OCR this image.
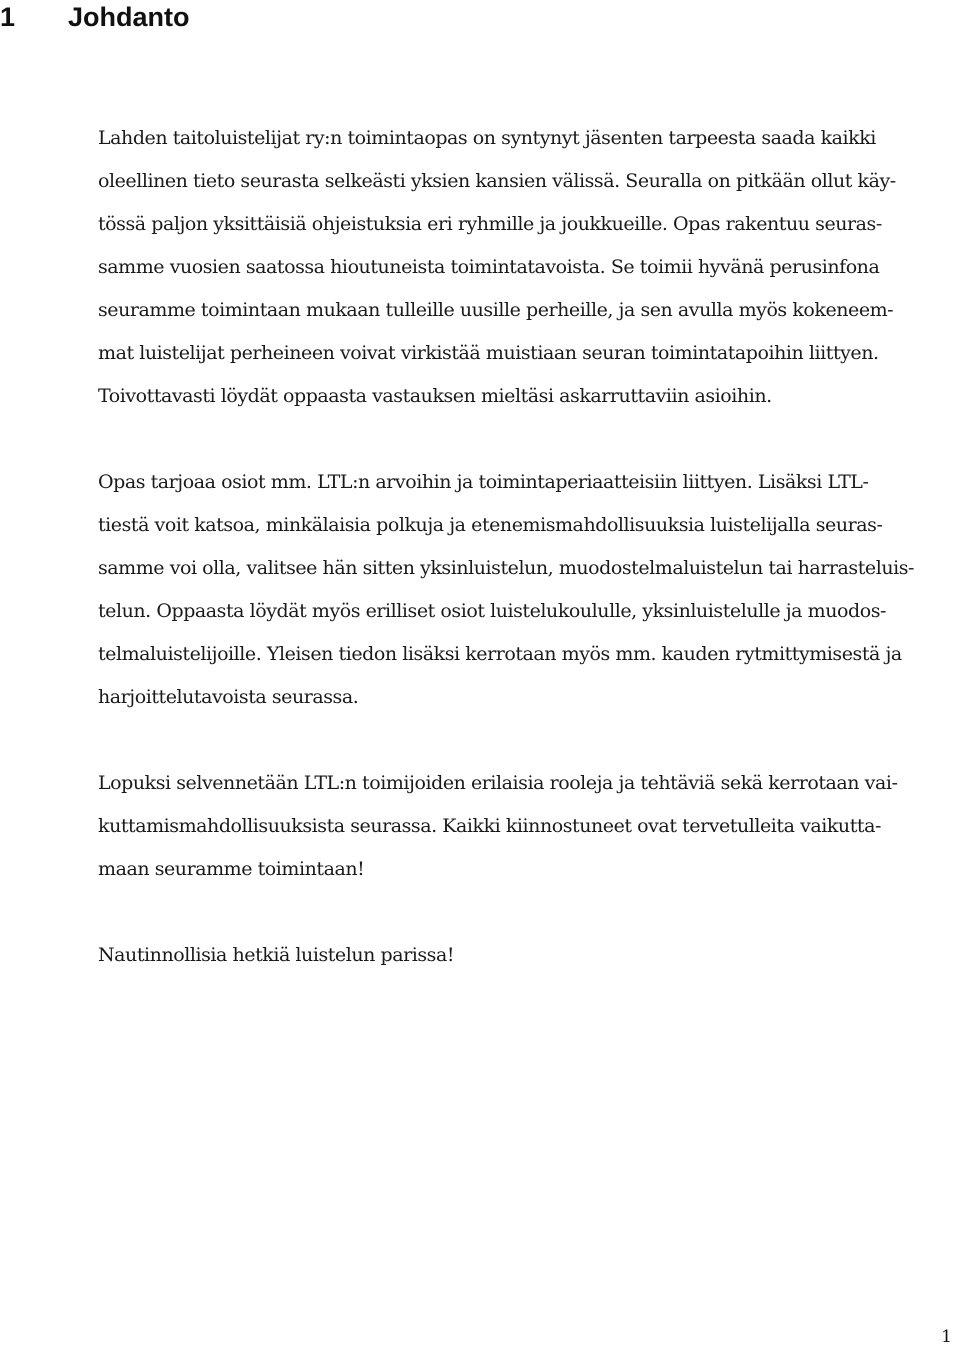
1 Johdanto
Lahden taitoluistelijat ry:n toimintaopas on syntynyt jäsenten tarpeesta saada kaikki
oleellinen tieto seurasta selkeästi yksien kansien välissä. Seuralla on pitkään ollut käy-
tössä paljon yksittäisiä ohjeistuksia eri ryhmille ja joukkueille. Opas rakentuu seuras-
samme vuosien saatossa hioutuneista toimintatavoista. Se toimii hyvänä perusinfona
seuramme toimintaan mukaan tulleille uusille perheille, ja sen avulla myös kokeneem-
mat luistelijat perheineen voivat virkistää muistiaan seuran toimintatapoihin liittyen.
Toivottavasti löydät oppaasta vastauksen mieltäsi askarruttaviin asioihin.
Opas tarjoaa osiot mm. LTL:n arvoihin ja toimintaperiaatteisiin liittyen. Lisäksi LTL-
tiestä voit katsoa, minkälaisia polkuja ja etenemismahdollisuuksia luistelijalla seuras-
samme voi olla, valitsee hän sitten yksinluistelun, muodostelmaluistelun tai harrasteluis-
telun. Oppaasta löydät myös erilliset osiot luistelukoululle, yksinluistelulle ja muodos-
telmaluistelijoille. Yleisen tiedon lisäksi kerrotaan myös mm. kauden rytmittymisestä ja
harjoittelutavoista seurassa.
Lopuksi selvennetään LTL:n toimijoiden erilaisia rooleja ja tehtäviä sekä kerrotaan vai-
kuttamismahdollisuuksista seurassa. Kaikki kiinnostuneet ovat tervetulleita vaikutta-
maan seuramme toimintaan!
Nautinnollisia hetkiä luistelun parissa!
1
